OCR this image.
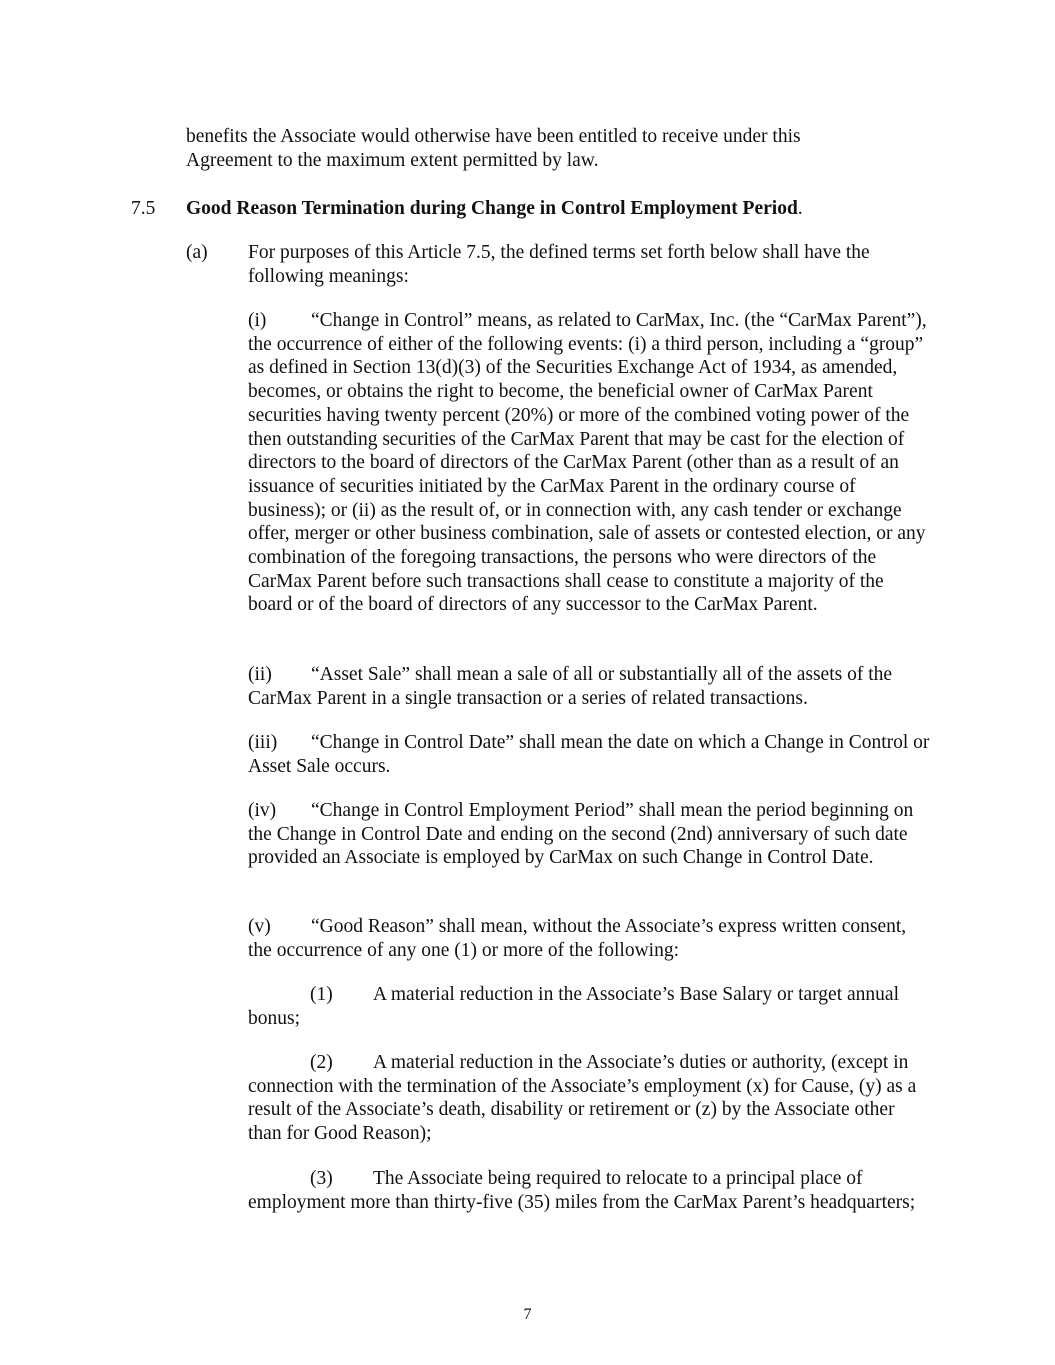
benefits the Associate would otherwise have been entitled to receive under this Agreement to the maximum extent permitted by law.

7.5 Good Reason Termination during Change in Control Employment Period.

(a) For purposes of this Article 7.5, the defined terms set forth below shall have the following meanings:

(i) “Change in Control” means, as related to CarMax, Inc. (the “CarMax Parent”), the occurrence of either of the following events: (i) a third person, including a “group” as defined in Section 13(d)(3) of the Securities Exchange Act of 1934, as amended, becomes, or obtains the right to become, the beneficial owner of CarMax Parent securities having twenty percent (20%) or more of the combined voting power of the then outstanding securities of the CarMax Parent that may be cast for the election of directors to the board of directors of the CarMax Parent (other than as a result of an issuance of securities initiated by the CarMax Parent in the ordinary course of business); or (ii) as the result of, or in connection with, any cash tender or exchange offer, merger or other business combination, sale of assets or contested election, or any combination of the foregoing transactions, the persons who were directors of the CarMax Parent before such transactions shall cease to constitute a majority of the board or of the board of directors of any successor to the CarMax Parent.

(ii) “Asset Sale” shall mean a sale of all or substantially all of the assets of the CarMax Parent in a single transaction or a series of related transactions.

(iii) “Change in Control Date” shall mean the date on which a Change in Control or Asset Sale occurs.

(iv) “Change in Control Employment Period” shall mean the period beginning on the Change in Control Date and ending on the second (2nd) anniversary of such date provided an Associate is employed by CarMax on such Change in Control Date.

(v) “Good Reason” shall mean, without the Associate’s express written consent, the occurrence of any one (1) or more of the following:

(1) A material reduction in the Associate’s Base Salary or target annual bonus;

(2) A material reduction in the Associate’s duties or authority, (except in connection with the termination of the Associate’s employment (x) for Cause, (y) as a result of the Associate’s death, disability or retirement or (z) by the Associate other than for Good Reason);

(3) The Associate being required to relocate to a principal place of employment more than thirty-five (35) miles from the CarMax Parent’s headquarters;

7
